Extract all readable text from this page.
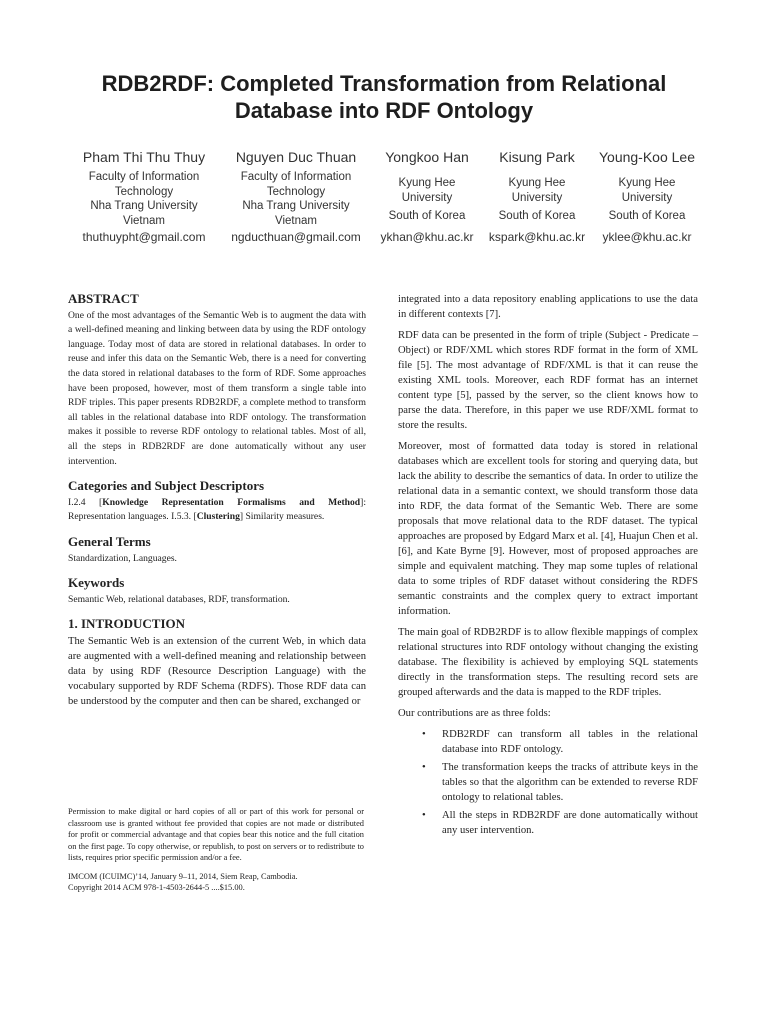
RDB2RDF: Completed Transformation from Relational
Database into RDF Ontology
Pham Thi Thu Thuy
Faculty of Information
Technology
Nha Trang University
Vietnam
thuthuypht@gmail.com
Nguyen Duc Thuan
Faculty of Information
Technology
Nha Trang University
Vietnam
ngducthuan@gmail.com
Yongkoo Han
Kyung Hee
University
South of Korea
ykhan@khu.ac.kr
Kisung Park
Kyung Hee
University
South of Korea
kspark@khu.ac.kr
Young-Koo Lee
Kyung Hee
University
South of Korea
yklee@khu.ac.kr
ABSTRACT

One of the most advantages of the Semantic Web is to augment the data with a well-defined meaning and linking between data by using the RDF ontology language. Today most of data are stored in relational databases. In order to reuse and infer this data on the Semantic Web, there is a need for converting the data stored in relational databases to the form of RDF. Some approaches have been proposed, however, most of them transform a single table into RDF triples. This paper presents RDB2RDF, a complete method to transform all tables in the relational database into RDF ontology. The transformation makes it possible to reverse RDF ontology to relational tables. Most of all, all the steps in RDB2RDF are done automatically without any user intervention.

Categories and Subject Descriptors

I.2.4 [Knowledge Representation Formalisms and Method]: Representation languages. I.5.3. [Clustering] Similarity measures.

General Terms

Standardization, Languages.

Keywords

Semantic Web, relational databases, RDF, transformation.

1. INTRODUCTION

The Semantic Web is an extension of the current Web, in which data are augmented with a well-defined meaning and relationship between data by using RDF (Resource Description Language) with the vocabulary supported by RDF Schema (RDFS). Those RDF data can be understood by the computer and then can be shared, exchanged or

Permission to make digital or hard copies of all or part of this work for personal or classroom use is granted without fee provided that copies are not made or distributed for profit or commercial advantage and that copies bear this notice and the full citation on the first page. To copy otherwise, or republish, to post on servers or to redistribute to lists, requires prior specific permission and/or a fee.

IMCOM (ICUIMC)’14, January 9–11, 2014, Siem Reap, Cambodia.
Copyright 2014 ACM 978-1-4503-2644-5 ....$15.00.

integrated into a data repository enabling applications to use the data in different contexts [7].

RDF data can be presented in the form of triple (Subject - Predicate – Object) or RDF/XML which stores RDF format in the form of XML file [5]. The most advantage of RDF/XML is that it can reuse the existing XML tools. Moreover, each RDF format has an internet content type [5], passed by the server, so the client knows how to parse the data. Therefore, in this paper we use RDF/XML format to store the results.

Moreover, most of formatted data today is stored in relational databases which are excellent tools for storing and querying data, but lack the ability to describe the semantics of data. In order to utilize the relational data in a semantic context, we should transform those data into RDF, the data format of the Semantic Web. There are some proposals that move relational data to the RDF dataset. The typical approaches are proposed by Edgard Marx et al. [4], Huajun Chen et al. [6], and Kate Byrne [9]. However, most of proposed approaches are simple and equivalent matching. They map some tuples of relational data to some triples of RDF dataset without considering the RDFS semantic constraints and the complex query to extract important information.

The main goal of RDB2RDF is to allow flexible mappings of complex relational structures into RDF ontology without changing the existing database. The flexibility is achieved by employing SQL statements directly in the transformation steps. The resulting record sets are grouped afterwards and the data is mapped to the RDF triples.

Our contributions are as three folds:

• RDB2RDF can transform all tables in the relational database into RDF ontology.
• The transformation keeps the tracks of attribute keys in the tables so that the algorithm can be extended to reverse RDF ontology to relational tables.
• All the steps in RDB2RDF are done automatically without any user intervention.
